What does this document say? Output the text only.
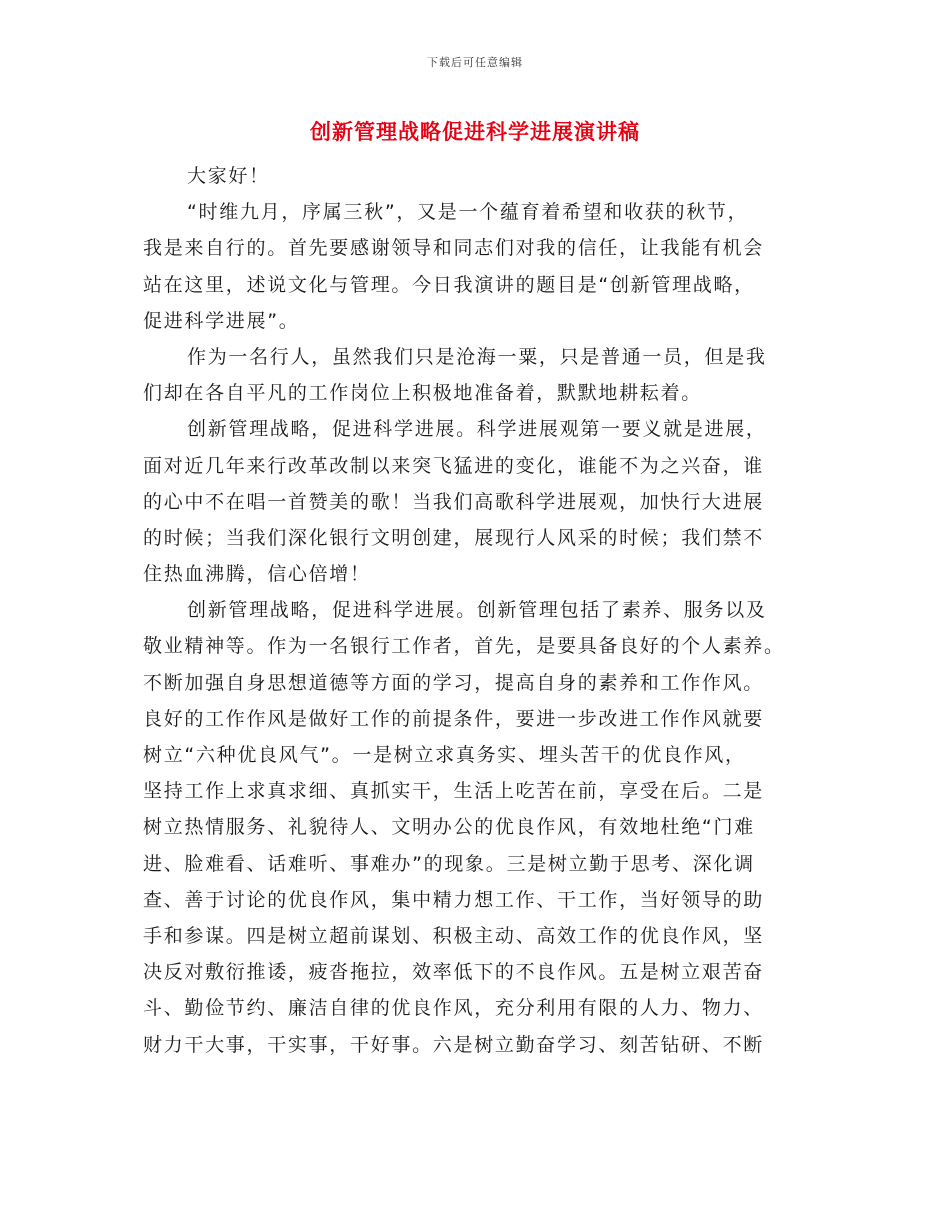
下载后可任意编辑
创新管理战略促进科学进展演讲稿
大家好！
“时维九月，序属三秋”，又是一个蕴育着希望和收获的秋节，
我是来自行的。首先要感谢领导和同志们对我的信任，让我能有机会
站在这里，述说文化与管理。今日我演讲的题目是“创新管理战略，
促进科学进展”。
作为一名行人，虽然我们只是沧海一粟，只是普通一员，但是我
们却在各自平凡的工作岗位上积极地准备着，默默地耕耘着。
创新管理战略，促进科学进展。科学进展观第一要义就是进展，
面对近几年来行改革改制以来突飞猛进的变化，谁能不为之兴奋，谁
的心中不在唱一首赞美的歌！当我们高歌科学进展观，加快行大进展
的时候；当我们深化银行文明创建，展现行人风采的时候；我们禁不
住热血沸腾，信心倍增！
创新管理战略，促进科学进展。创新管理包括了素养、服务以及
敬业精神等。作为一名银行工作者，首先，是要具备良好的个人素养。
不断加强自身思想道德等方面的学习，提高自身的素养和工作作风。
良好的工作作风是做好工作的前提条件，要进一步改进工作作风就要
树立“六种优良风气”。一是树立求真务实、埋头苦干的优良作风，
坚持工作上求真求细、真抓实干，生活上吃苦在前，享受在后。二是
树立热情服务、礼貌待人、文明办公的优良作风，有效地杜绝“门难
进、脸难看、话难听、事难办”的现象。三是树立勤于思考、深化调
查、善于讨论的优良作风，集中精力想工作、干工作，当好领导的助
手和参谋。四是树立超前谋划、积极主动、高效工作的优良作风，坚
决反对敷衍推诿，疲沓拖拉，效率低下的不良作风。五是树立艰苦奋
斗、勤俭节约、廉洁自律的优良作风，充分利用有限的人力、物力、
财力干大事，干实事，干好事。六是树立勤奋学习、刻苦钻研、不断
